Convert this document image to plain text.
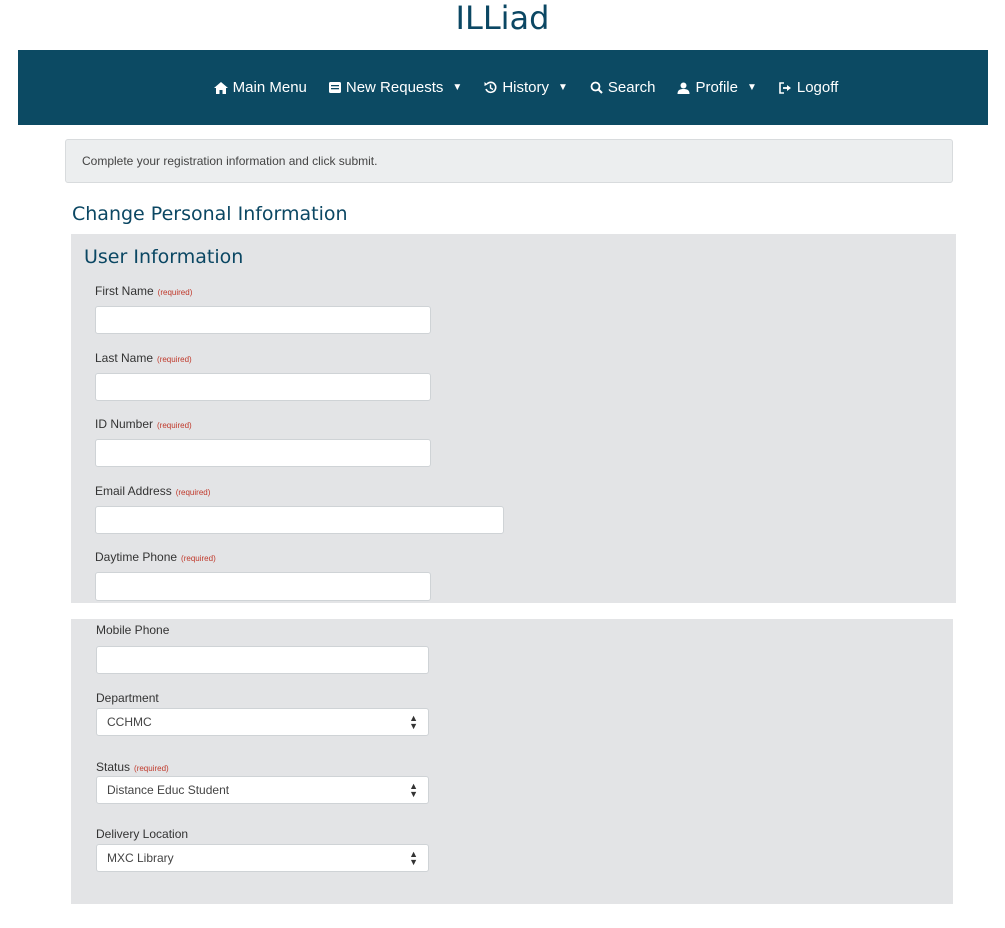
ILLiad
Main Menu	New Requests ▼	History ▼	Search	Profile ▼	Logoff
Complete your registration information and click submit.
Change Personal Information
User Information
First Name (required)
Last Name (required)
ID Number (required)
Email Address (required)
Daytime Phone (required)
Mobile Phone
Department
CCHMC	▲
▼
Status (required)
Distance Educ Student	▲
▼
Delivery Location
MXC Library	▲
▼
